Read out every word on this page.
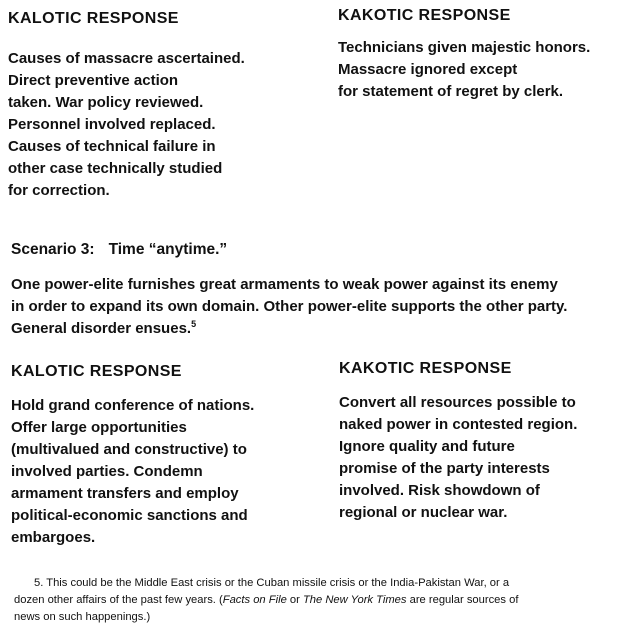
KALOTIC RESPONSE
Causes of massacre ascertained.
Direct preventive action
taken. War policy reviewed.
Personnel involved replaced.
Causes of technical failure in
other case technically studied
for correction.
KAKOTIC RESPONSE
Technicians given majestic honors.
Massacre ignored except
for statement of regret by clerk.
Scenario 3: Time “anytime.”
One power-elite furnishes great armaments to weak power against its enemy
in order to expand its own domain. Other power-elite supports the other party.
General disorder ensues.$^5$
KALOTIC RESPONSE
Hold grand conference of nations.
Offer large opportunities
(multivalued and constructive) to
involved parties. Condemn
armament transfers and employ
political-economic sanctions and
embargoes.
KAKOTIC RESPONSE
Convert all resources possible to
naked power in contested region.
Ignore quality and future
promise of the party interests
involved. Risk showdown of
regional or nuclear war.
5. This could be the Middle East crisis or the Cuban missile crisis or the India-Pakistan War, or a
dozen other affairs of the past few years. (Facts on File or The New York Times are regular sources of
news on such happenings.)
